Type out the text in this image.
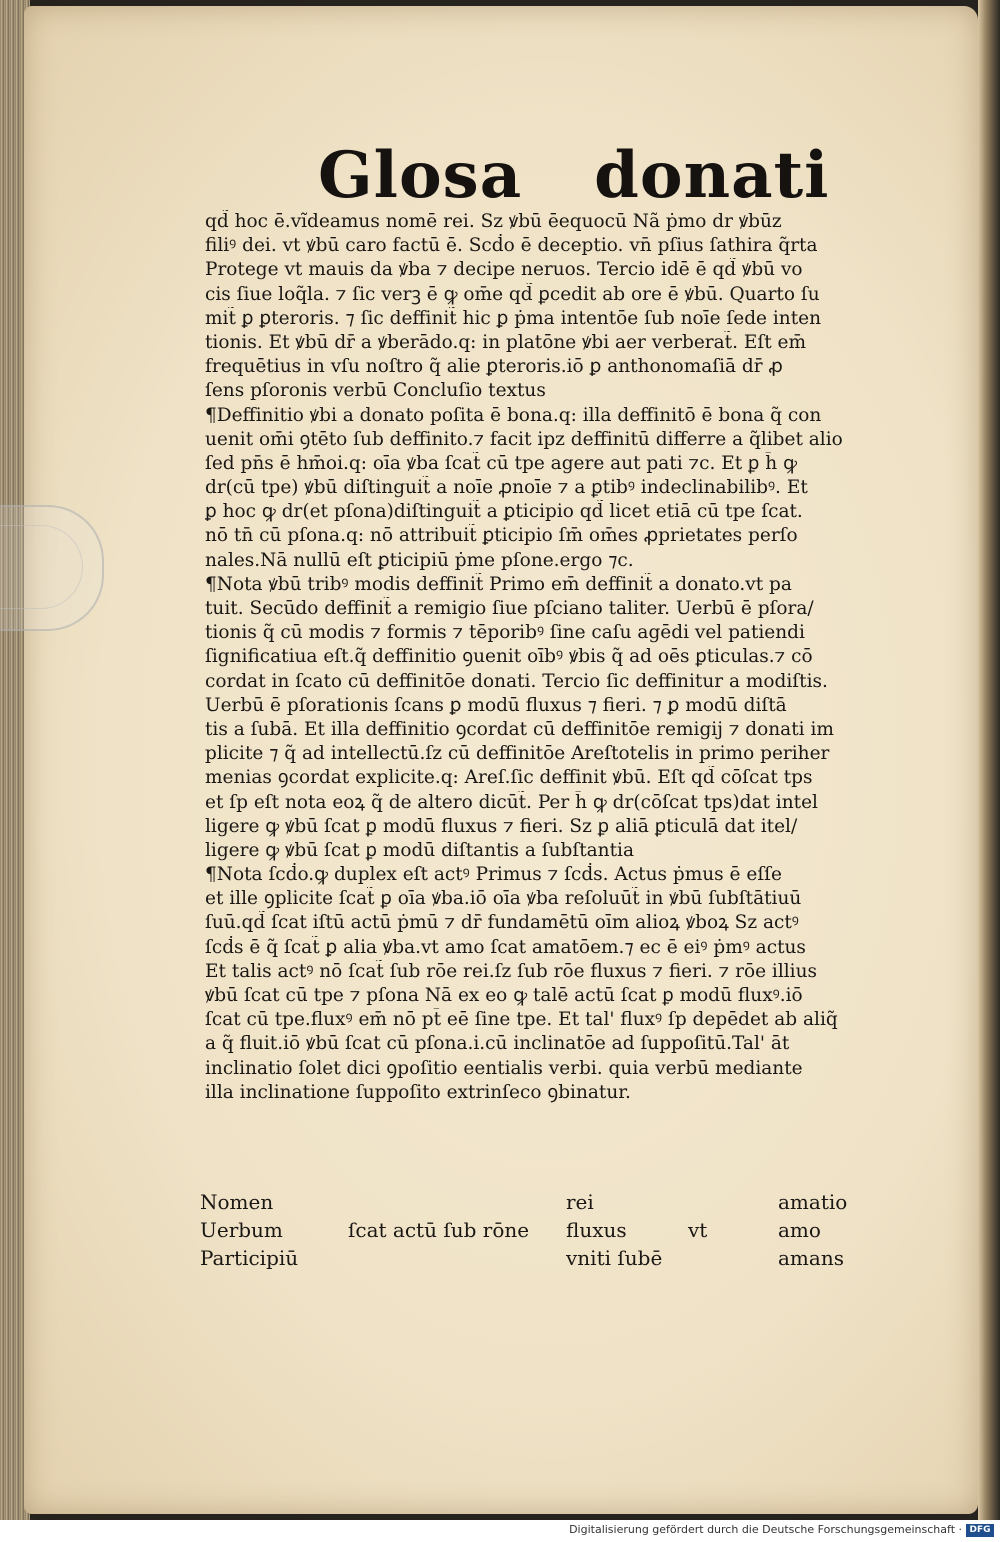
Glosa donati
qd̃ hoc ē.vĩdeamus nomē rei. Sz ꝟbū ēequocū Nã ṗmo dr ꝟbūz
filiꝰ dei. vt ꝟbū caro factū ē. Scḋo ē deceptio. vn̄ pſius ſathira q̃rta
Protege vt mauis da ꝟba ⁊ decipe neruos. Tercio idē ē qd̃ ꝟbū vo
cis ſiue loq̃la. ⁊ ſic verꝫ ē ꝙ om̄e qd̃ ꝑcedit ab ore ē ꝟbū. Quarto ſu
mit̃ ꝑ ꝑteroris. ⁊ ſic deffinit̃ hic ꝑ ṗma intentōe ſub noīe ſede inten
tionis. Et ꝟbū dr̄ a ꝟberādo.q: in platōne ꝟbi aer verberat̃. Eſt em̄
frequētius in vſu noſtro q̃ alie ꝑteroris.iō ꝑ anthonomaſiā dr̄ ꝓ
ſens pſoronis verbū Concluſio textus
¶Deffinitio ꝟbi a donato poſita ē bona.q: illa deffinitō ē bona q̃ con
uenit om̄i ꝯtēto ſub deffinito.⁊ facit ipz deffinitū differre a q̃libet alio
ſed pn̄s ē hm̄oi.q: oīa ꝟba ſcat̃ cū tpe agere aut pati ⁊c. Et ꝑ h̄ ꝙ
dr(cū tpe) ꝟbū diſtinguit̃ a noīe ꝓnoīe ⁊ a ꝑtibꝰ indeclinabilibꝰ. Et
ꝑ hoc ꝙ dr(et pſona)diſtinguit̃ a ꝑticipio qd̃ licet etiā cū tpe ſcat.
nō tn̄ cū pſona.q: nō attribuit̃ ꝑticipio ſm̄ om̄es ꝓprietates perſo
nales.Nā nullū eſt ꝑticipiū ṗme pſone.ergo ⁊c.
¶Nota ꝟbū tribꝰ modis deffinit̃ Primo em̄ deffinit̃ a donato.vt pa
tuit. Secūdo deffinit̃ a remigio ſiue pſciano taliter. Uerbū ē pſora/
tionis q̃ cū modis ⁊ formis ⁊ tēporibꝰ ſine caſu agēdi vel patiendi
ſignificatiua eſt.q̃ deffinitio ꝯuenit oībꝰ ꝟbis q̃ ad oēs ꝑticulas.⁊ cō
cordat in ſcato cū deffinitōe donati. Tercio ſic deffinitur a modiſtis.
Uerbū ē pſorationis ſcans ꝑ modū fluxus ⁊ fieri. ⁊ ꝑ modū diſtā
tis a ſubā. Et illa deffinitio ꝯcordat cū deffinitōe remigij ⁊ donati im
plicite ⁊ q̃ ad intellectū.ſz cū deffinitōe Areſtotelis in primo periher
menias ꝯcordat explicite.q: Areſ.ſic deffinit ꝟbū. Eſt qd̃ cōſcat tps
et ſp eſt nota eoꝝ q̃ de altero dicūt̃. Per h̄ ꝙ dr(cōſcat tps)dat intel
ligere ꝙ ꝟbū ſcat ꝑ modū fluxus ⁊ fieri. Sz ꝑ aliā ꝑticulā dat itel/
ligere ꝙ ꝟbū ſcat ꝑ modū diſtantis a ſubſtantia
¶Nota ſcḋo.ꝙ duplex eſt actꝰ Primus ⁊ ſcḋs. Actus ṗmus ē eſſe
et ille ꝯplicite ſcat̃ ꝑ oīa ꝟba.iō oīa ꝟba reſoluūt̃ in ꝟbū ſubſtātiuū
ſuū.qd̃ ſcat iſtū actū ṗmū ⁊ dr̄ fundamētū oīm alioꝝ ꝟboꝝ Sz actꝰ
ſcḋs ē q̃ ſcat̃ ꝑ alia ꝟba.vt amo ſcat amatōem.⁊ ec ē eiꝰ ṗmꝰ actus
Et talis actꝰ nō ſcat̃ ſub rōe rei.ſz ſub rōe fluxus ⁊ fieri. ⁊ rōe illius
ꝟbū ſcat cū tpe ⁊ pſona Nā ex eo ꝙ talē actū ſcat ꝑ modū fluxꝰ.iō
ſcat cū tpe.fluxꝰ em̄ nō pt̄ eē ſine tpe. Et tal' fluxꝰ ſp depēdet ab aliq̃
a q̃ fluit.iō ꝟbū ſcat cū pſona.i.cū inclinatōe ad ſuppoſitū.Tal' āt
inclinatio ſolet dici ꝯpoſitio eentialis verbi. quia verbū mediante
illa inclinatione ſuppoſito extrinſeco ꝯbinatur.
Nomen
Uerbum
Participiū
ſcat actū ſub rōne
rei
fluxus
vniti ſubē
vt
amatio
amo
amans
Digitalisierung gefördert durch die Deutsche Forschungsgemeinschaft · DFG
